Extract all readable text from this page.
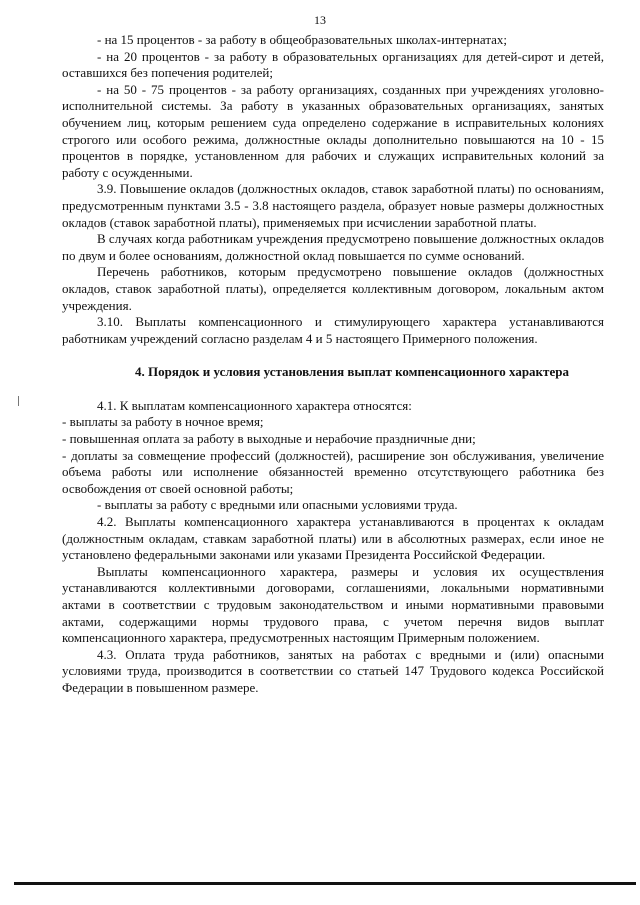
13

- на 15 процентов - за работу в общеобразовательных школах-интернатах;

- на 20 процентов - за работу в образовательных организациях для детей-сирот и детей, оставшихся без попечения родителей;

- на 50 - 75 процентов - за работу организациях, созданных при учреждениях уголовно-исполнительной системы. За работу в указанных образовательных организациях, занятых обучением лиц, которым решением суда определено содержание в исправительных колониях строгого или особого режима, должностные оклады дополнительно повышаются на 10 - 15 процентов в порядке, установленном для рабочих и служащих исправительных колоний за работу с осужденными.

3.9. Повышение окладов (должностных окладов, ставок заработной платы) по основаниям, предусмотренным пунктами 3.5 - 3.8 настоящего раздела, образует новые размеры должностных окладов (ставок заработной платы), применяемых при исчислении заработной платы.

В случаях когда работникам учреждения предусмотрено повышение должностных окладов по двум и более основаниям, должностной оклад повышается по сумме оснований.

Перечень работников, которым предусмотрено повышение окладов (должностных окладов, ставок заработной платы), определяется коллективным договором, локальным актом учреждения.

3.10. Выплаты компенсационного и стимулирующего характера устанавливаются работникам учреждений согласно разделам 4 и 5 настоящего Примерного положения.

4. Порядок и условия установления выплат компенсационного характера

4.1. К выплатам компенсационного характера относятся:

- выплаты за работу в ночное время;

- повышенная оплата за работу в выходные и нерабочие праздничные дни;

- доплаты за совмещение профессий (должностей), расширение зон обслуживания, увеличение объема работы или исполнение обязанностей временно отсутствующего работника без освобождения от своей основной работы;

- выплаты за работу с вредными или опасными условиями труда.

4.2. Выплаты компенсационного характера устанавливаются в процентах к окладам (должностным окладам, ставкам заработной платы) или в абсолютных размерах, если иное не установлено федеральными законами или указами Президента Российской Федерации.

Выплаты компенсационного характера, размеры и условия их осуществления устанавливаются коллективными договорами, соглашениями, локальными нормативными актами в соответствии с трудовым законодательством и иными нормативными правовыми актами, содержащими нормы трудового права, с учетом перечня видов выплат компенсационного характера, предусмотренных настоящим Примерным положением.

4.3. Оплата труда работников, занятых на работах с вредными и (или) опасными условиями труда, производится в соответствии со статьей 147 Трудового кодекса Российской Федерации в повышенном размере.
